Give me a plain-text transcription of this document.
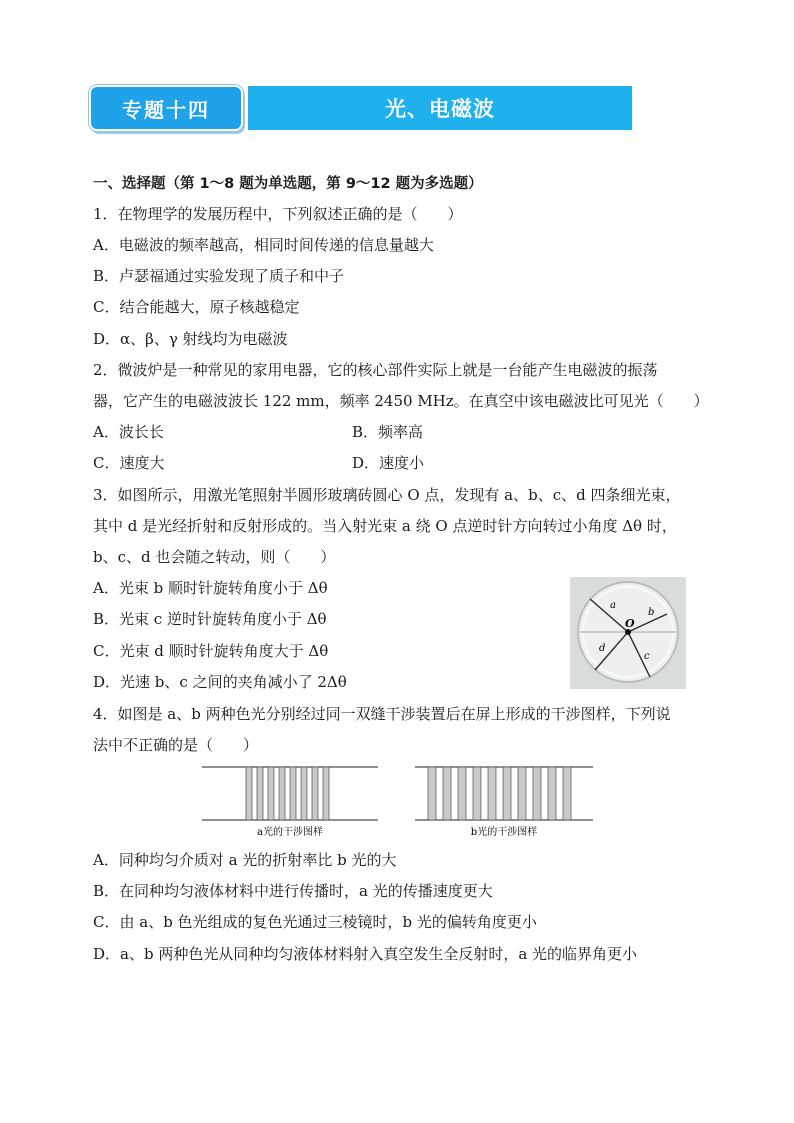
专题十四	光、电磁波
一、选择题（第 1～8 题为单选题，第 9～12 题为多选题）
1．在物理学的发展历程中，下列叙述正确的是（　　）
A．电磁波的频率越高，相同时间传递的信息量越大
B．卢瑟福通过实验发现了质子和中子
C．结合能越大，原子核越稳定
D．α、β、γ 射线均为电磁波
2．微波炉是一种常见的家用电器，它的核心部件实际上就是一台能产生电磁波的振荡
器，它产生的电磁波波长 122 mm，频率 2450 MHz。在真空中该电磁波比可见光（　　）
A．波长长	B．频率高
C．速度大	D．速度小
3．如图所示，用激光笔照射半圆形玻璃砖圆心 O 点，发现有 a、b、c、d 四条细光束，
其中 d 是光经折射和反射形成的。当入射光束 a 绕 O 点逆时针方向转过小角度 Δθ 时，
b、c、d 也会随之转动，则（　　）
A．光束 b 顺时针旋转角度小于 Δθ
B．光束 c 逆时针旋转角度小于 Δθ
C．光束 d 顺时针旋转角度大于 Δθ
D．光速 b、c 之间的夹角减小了 2Δθ
a
b
c
d
O
4．如图是 a、b 两种色光分别经过同一双缝干涉装置后在屏上形成的干涉图样，下列说
法中不正确的是（　　）
a光的干涉图样	b光的干涉图样
A．同种均匀介质对 a 光的折射率比 b 光的大
B．在同种均匀液体材料中进行传播时，a 光的传播速度更大
C．由 a、b 色光组成的复色光通过三棱镜时，b 光的偏转角度更小
D．a、b 两种色光从同种均匀液体材料射入真空发生全反射时，a 光的临界角更小
